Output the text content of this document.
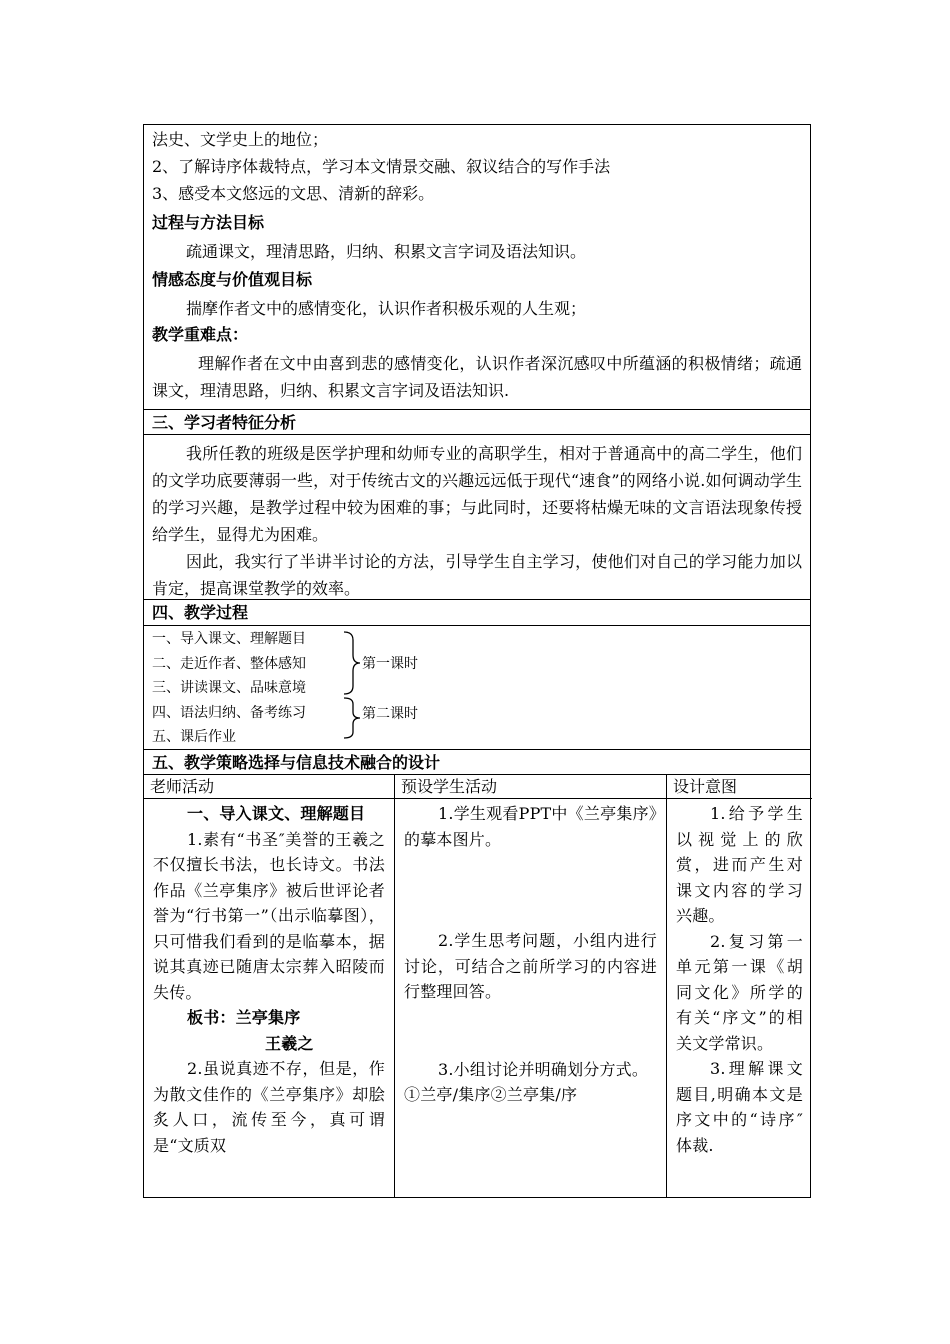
法史、文学史上的地位；
2、了解诗序体裁特点，学习本文情景交融、叙议结合的写作手法
3、感受本文悠远的文思、清新的辞彩。
过程与方法目标
疏通课文，理清思路，归纳、积累文言字词及语法知识。
情感态度与价值观目标
揣摩作者文中的感情变化，认识作者积极乐观的人生观；
教学重难点：
理解作者在文中由喜到悲的感情变化，认识作者深沉感叹中所蕴涵的积极情绪；疏通课文，理清思路，归纳、积累文言字词及语法知识.
三、学习者特征分析
我所任教的班级是医学护理和幼师专业的高职学生，相对于普通高中的高二学生，他们的文学功底要薄弱一些，对于传统古文的兴趣远远低于现代“速食”的网络小说.如何调动学生的学习兴趣，是教学过程中较为困难的事；与此同时，还要将枯燥无味的文言语法现象传授给学生，显得尤为困难。
因此，我实行了半讲半讨论的方法，引导学生自主学习，使他们对自己的学习能力加以肯定，提高课堂教学的效率。
四、教学过程
一、导入课文、理解题目
二、走近作者、整体感知
三、讲读课文、品味意境
四、语法归纳、备考练习
五、课后作业
第一课时
第二课时
五、教学策略选择与信息技术融合的设计
老师活动
一、导入课文、理解题目
1.素有“书圣″美誉的王羲之不仅擅长书法，也长诗文。书法作品《兰亭集序》被后世评论者誉为“行书第一”（出示临摹图），只可惜我们看到的是临摹本，据说其真迹已随唐太宗葬入昭陵而失传。
板书：兰亭集序
王羲之
2.虽说真迹不存，但是，作为散文佳作的《兰亭集序》却脍炙人口，流传至今，真可谓是“文质双
预设学生活动
1.学生观看PPT中《兰亭集序》的摹本图片。
2.学生思考问题，小组内进行讨论，可结合之前所学习的内容进行整理回答。
3.小组讨论并明确划分方式。
①兰亭/集序②兰亭集/序
设计意图
1.给予学生以视觉上的欣赏，进而产生对课文内容的学习兴趣。
2.复习第一单元第一课《胡同文化》所学的有关“序文”的相关文学常识。
3.理解课文题目,明确本文是序文中的“诗序″体裁.
